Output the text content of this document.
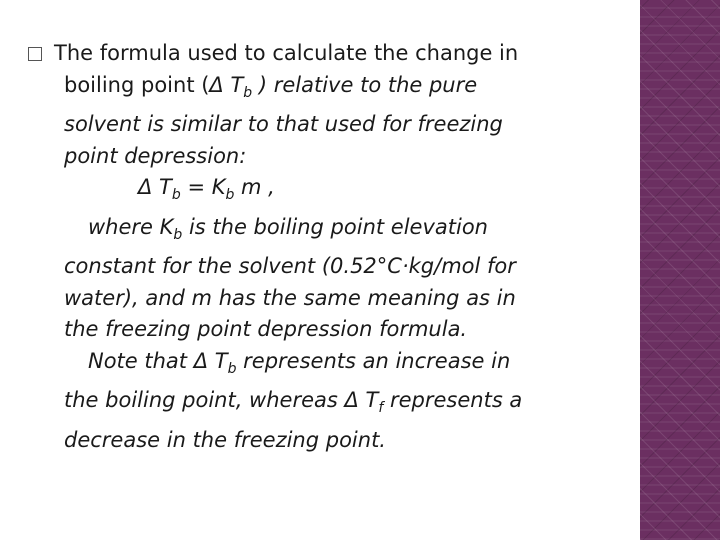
The formula used to calculate the change in
boiling point (Δ $T_b$ ) relative to the pure
solvent is similar to that used for freezing
point depression:
Δ $T_b = K_b$ m ,
where $K_b$ is the boiling point elevation
constant for the solvent (0.52°C·kg/mol for
water), and m has the same meaning as in
the freezing point depression formula.
Note that Δ $T_b$ represents an increase in
the boiling point, whereas Δ $T_f$ represents a
decrease in the freezing point.
